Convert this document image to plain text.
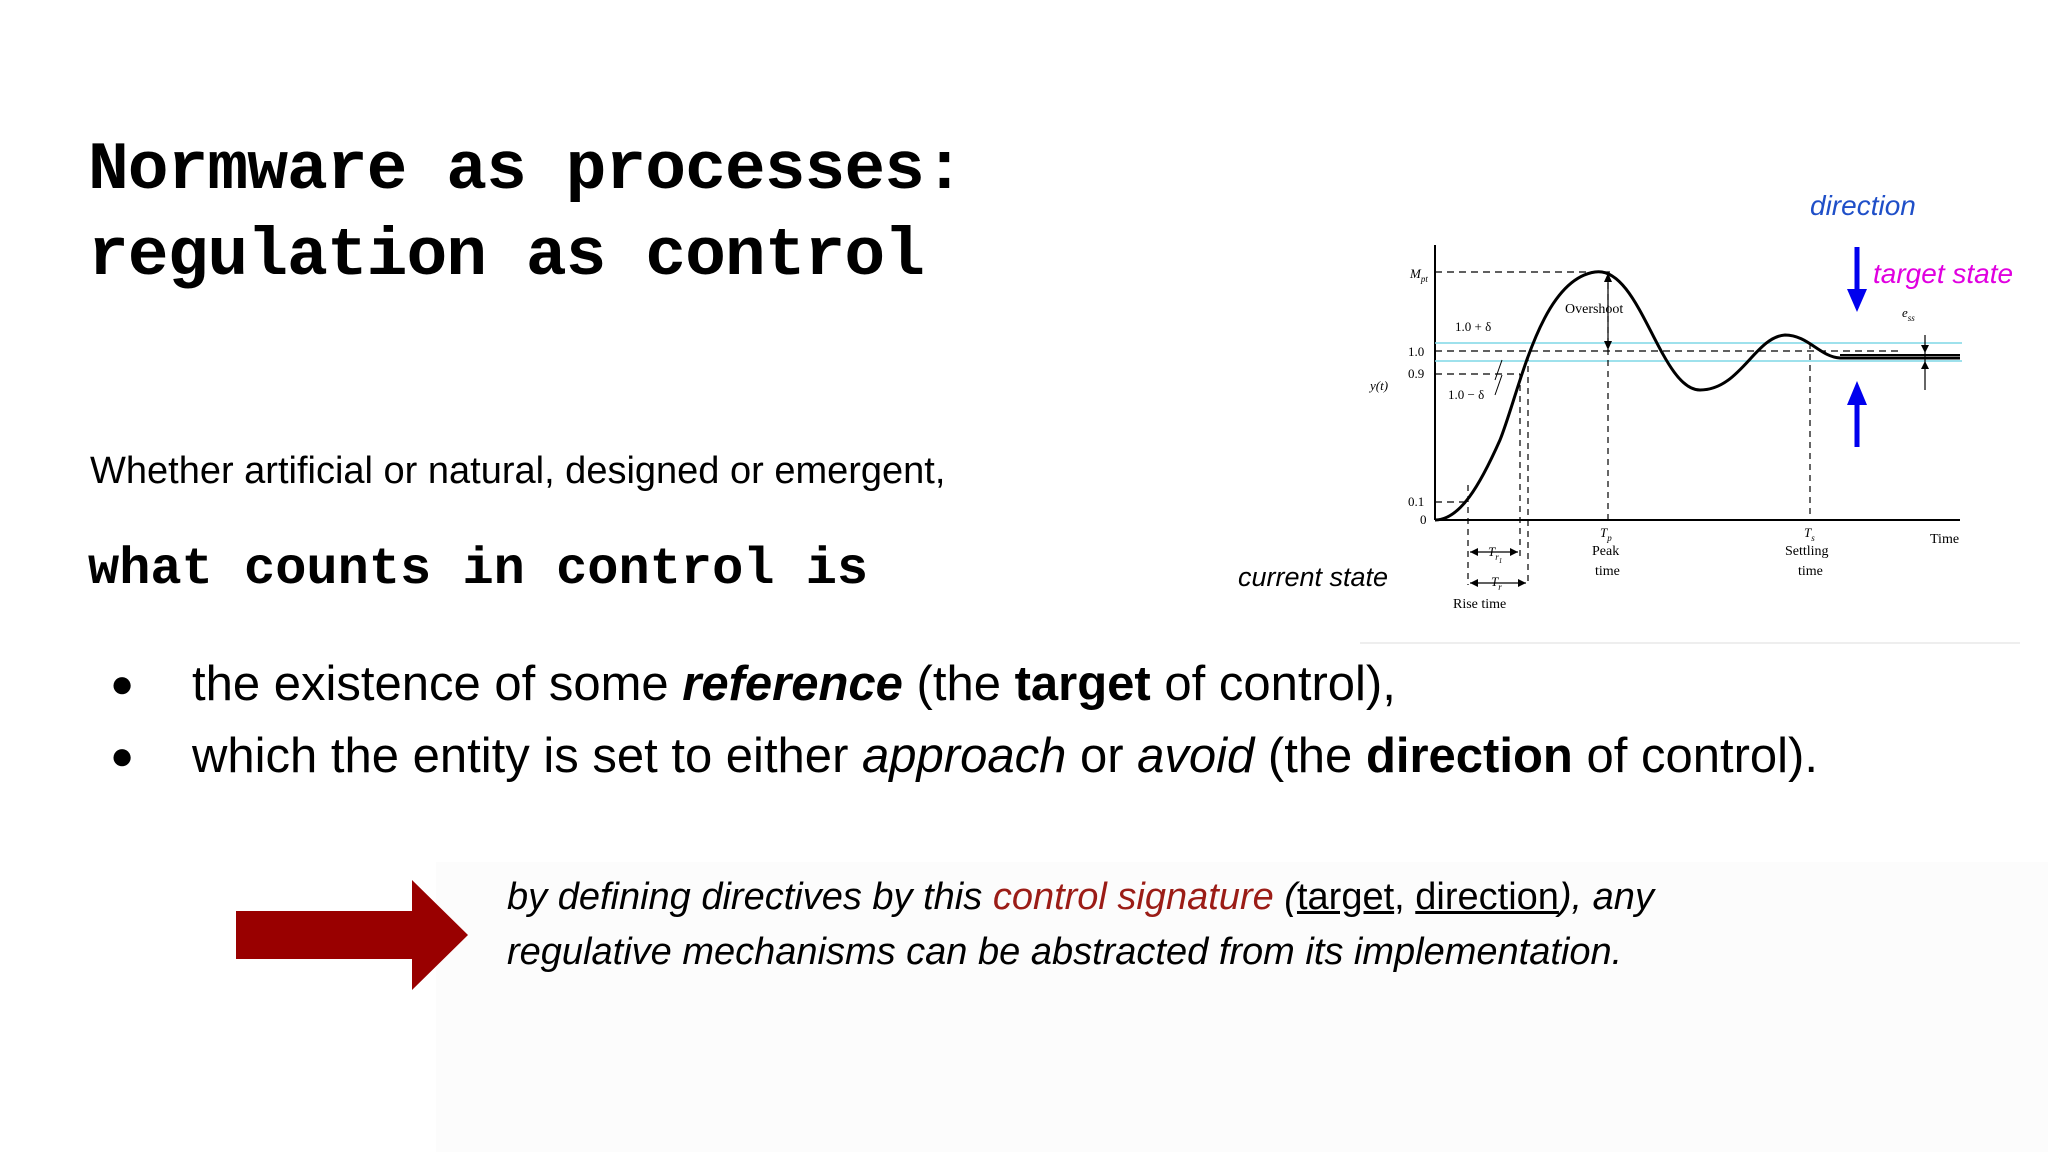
Normware as processes:
regulation as control

Whether artificial or natural, designed or emergent,

what counts in control is

● the existence of some reference (the target of control),
● which the entity is set to either approach or avoid (the direction of control).

by defining directives by this control signature (target, direction), any
regulative mechanisms can be abstracted from its implementation.

$M_{pt}$
1.0
0.9
0.1
0
y(t)
Time
1.0 + δ
1.0 − δ
Overshoot	$e_{ss}$
$T_p$
Peak
time
$T_s$
Settling
time
$T_{r1}$
$T_r$
Rise time

direction

target state

current state
